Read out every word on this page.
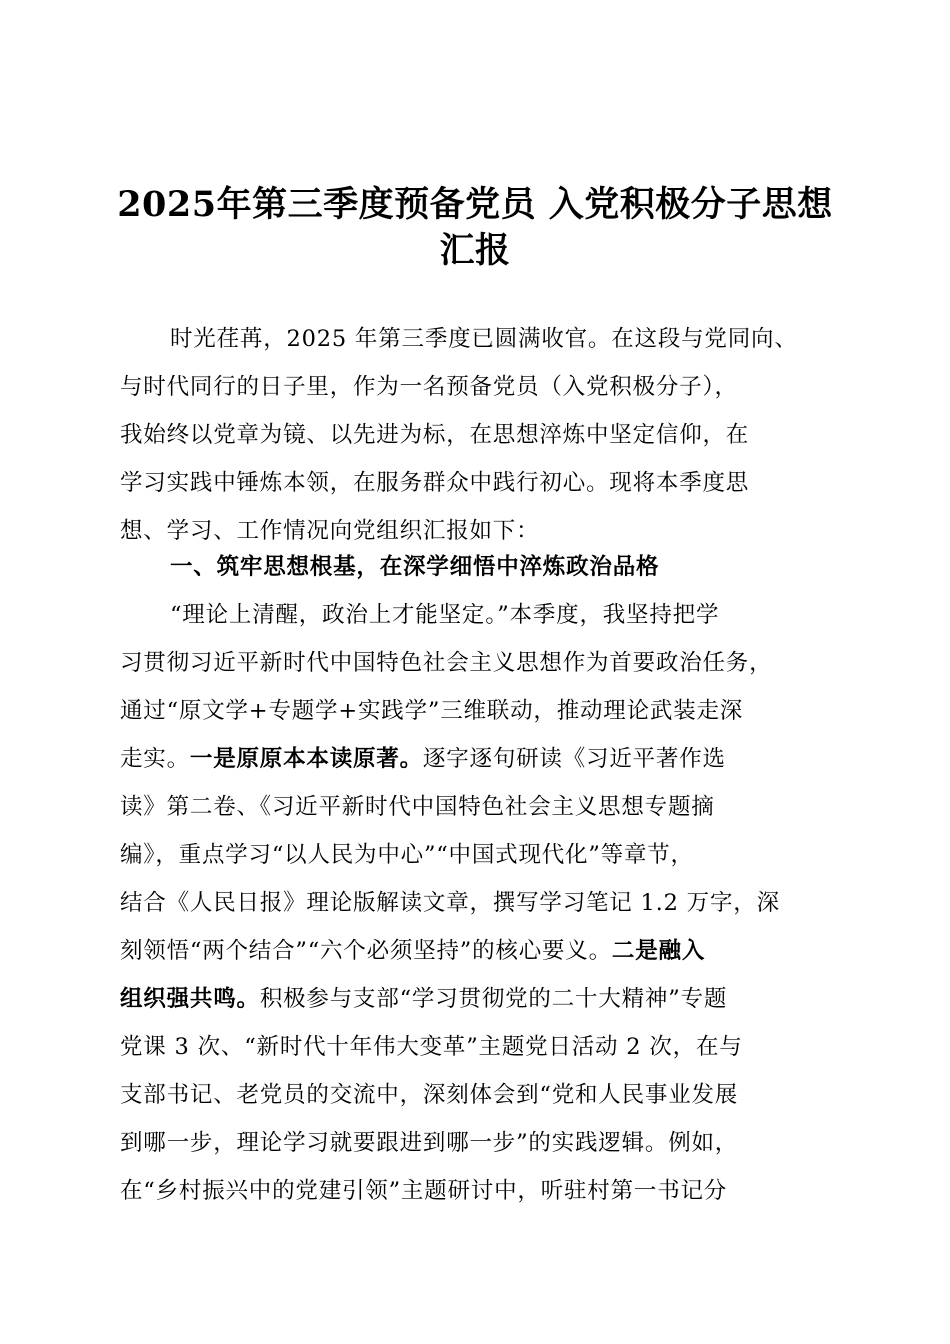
2025年第三季度预备党员 入党积极分子思想
汇报
时光荏苒，2025 年第三季度已圆满收官。在这段与党同向、
与时代同行的日子里，作为一名预备党员（入党积极分子），
我始终以党章为镜、以先进为标，在思想淬炼中坚定信仰，在
学习实践中锤炼本领，在服务群众中践行初心。现将本季度思
想、学习、工作情况向党组织汇报如下：
一、筑牢思想根基，在深学细悟中淬炼政治品格
“理论上清醒，政治上才能坚定。”本季度，我坚持把学
习贯彻习近平新时代中国特色社会主义思想作为首要政治任务，
通过“原文学+专题学+实践学”三维联动，推动理论武装走深
走实。一是原原本本读原著。逐字逐句研读《习近平著作选
读》第二卷、《习近平新时代中国特色社会主义思想专题摘
编》，重点学习“以人民为中心”“中国式现代化”等章节，
结合《人民日报》理论版解读文章，撰写学习笔记 1.2 万字，深
刻领悟“两个结合”“六个必须坚持”的核心要义。二是融入
组织强共鸣。积极参与支部“学习贯彻党的二十大精神”专题
党课 3 次、“新时代十年伟大变革”主题党日活动 2 次，在与
支部书记、老党员的交流中，深刻体会到“党和人民事业发展
到哪一步，理论学习就要跟进到哪一步”的实践逻辑。例如，
在“乡村振兴中的党建引领”主题研讨中，听驻村第一书记分
